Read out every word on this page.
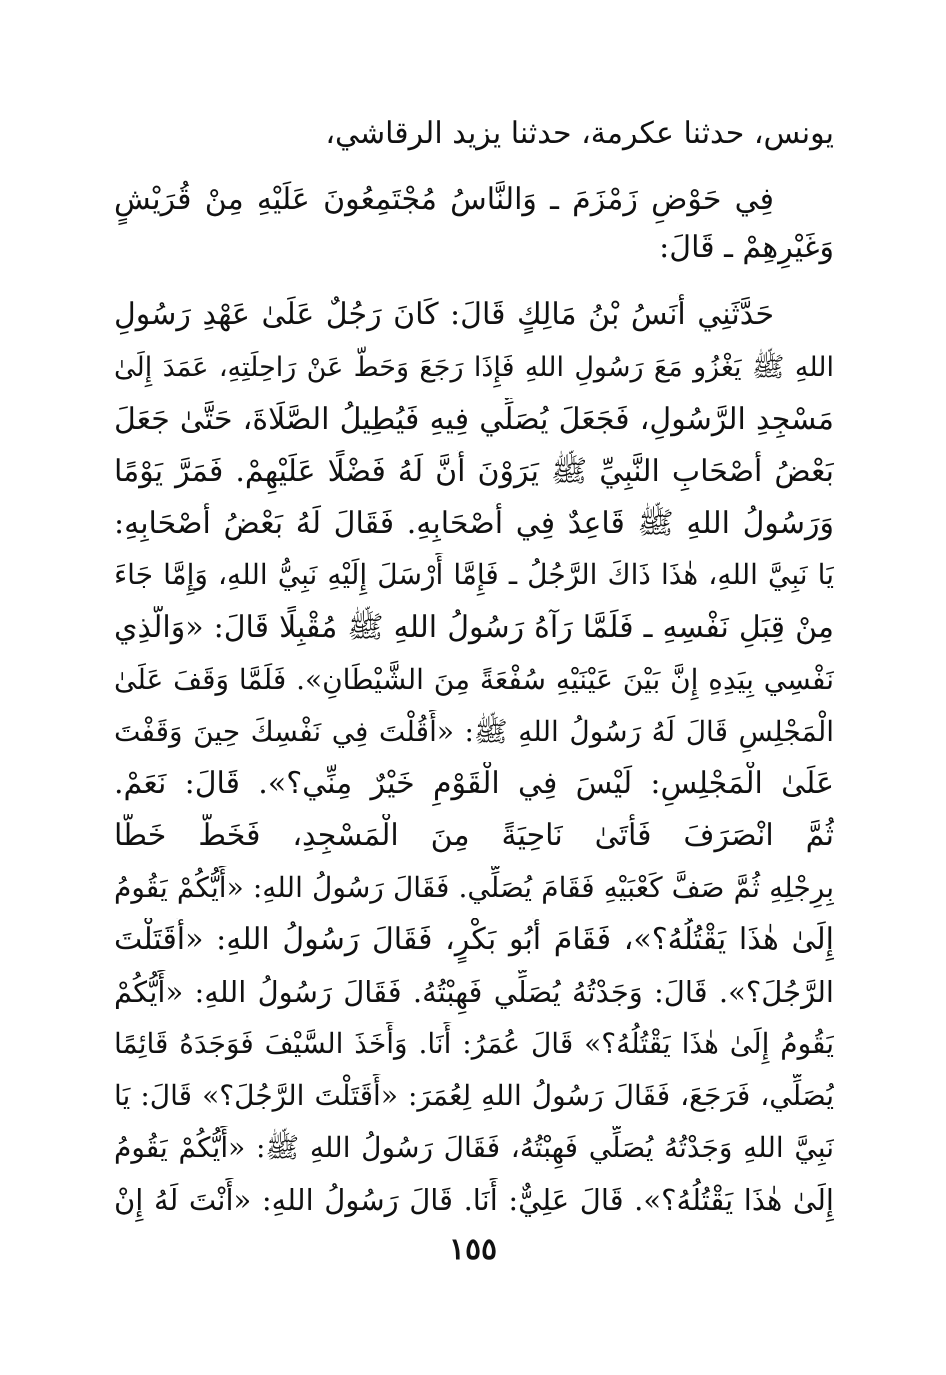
يونس، حدثنا عكرمة، حدثنا يزيد الرقاشي،
فِي حَوْضِ زَمْزَمَ ـ وَالنَّاسُ مُجْتَمِعُونَ عَلَيْهِ مِنْ قُرَيْشٍ
وَغَيْرِهِمْ ـ قَالَ:
حَدَّثَنِي أَنَسُ بْنُ مَالِكٍ قَالَ: كَانَ رَجُلٌ عَلَىٰ عَهْدِ رَسُولِ
اللهِ ﷺ يَغْزُو مَعَ رَسُولِ اللهِ فَإِذَا رَجَعَ وَحَطَّ عَنْ رَاحِلَتِهِ، عَمَدَ إِلَىٰ
مَسْجِدِ الرَّسُولِ، فَجَعَلَ يُصَلِّي فِيهِ فَيُطِيلُ الصَّلَاةَ، حَتَّىٰ جَعَلَ
بَعْضُ أَصْحَابِ النَّبِيِّ ﷺ يَرَوْنَ أَنَّ لَهُ فَضْلًا عَلَيْهِمْ. فَمَرَّ يَوْمًا
وَرَسُولُ اللهِ ﷺ قَاعِدٌ فِي أَصْحَابِهِ. فَقَالَ لَهُ بَعْضُ أَصْحَابِهِ:
يَا نَبِيَّ اللهِ، هٰذَا ذَاكَ الرَّجُلُ ـ فَإِمَّا أَرْسَلَ إِلَيْهِ نَبِيُّ اللهِ، وَإِمَّا جَاءَ
مِنْ قِبَلِ نَفْسِهِ ـ فَلَمَّا رَآهُ رَسُولُ اللهِ ﷺ مُقْبِلًا قَالَ: «وَالَّذِي
نَفْسِي بِيَدِهِ إِنَّ بَيْنَ عَيْنَيْهِ سُفْعَةً مِنَ الشَّيْطَانِ». فَلَمَّا وَقَفَ عَلَىٰ
الْمَجْلِسِ قَالَ لَهُ رَسُولُ اللهِ ﷺ: «أَقُلْتَ فِي نَفْسِكَ حِينَ وَقَفْتَ
عَلَىٰ الْمَجْلِسِ: لَيْسَ فِي الْقَوْمِ خَيْرٌ مِنِّي؟». قَالَ: نَعَمْ.
ثُمَّ انْصَرَفَ فَأَتَىٰ نَاحِيَةً مِنَ الْمَسْجِدِ، فَخَطَّ خَطًّا
بِرِجْلِهِ ثُمَّ صَفَّ كَعْبَيْهِ فَقَامَ يُصَلِّي. فَقَالَ رَسُولُ اللهِ: «أَيُّكُمْ يَقُومُ
إِلَىٰ هٰذَا يَقْتُلُهُ؟»، فَقَامَ أَبُو بَكْرٍ، فَقَالَ رَسُولُ اللهِ: «أَقَتَلْتَ
الرَّجُلَ؟». قَالَ: وَجَدْتُهُ يُصَلِّي فَهِبْتُهُ. فَقَالَ رَسُولُ اللهِ: «أَيُّكُمْ
يَقُومُ إِلَىٰ هٰذَا يَقْتُلُهُ؟» قَالَ عُمَرُ: أَنَا. وَأَخَذَ السَّيْفَ فَوَجَدَهُ قَائِمًا
يُصَلِّي، فَرَجَعَ، فَقَالَ رَسُولُ اللهِ لِعُمَرَ: «أَقَتَلْتَ الرَّجُلَ؟» قَالَ: يَا
نَبِيَّ اللهِ وَجَدْتُهُ يُصَلِّي فَهِبْتُهُ، فَقَالَ رَسُولُ اللهِ ﷺ: «أَيُّكُمْ يَقُومُ
إِلَىٰ هٰذَا يَقْتُلُهُ؟». قَالَ عَلِيٌّ: أَنَا. قَالَ رَسُولُ اللهِ: «أَنْتَ لَهُ إِنْ
١٥٥
